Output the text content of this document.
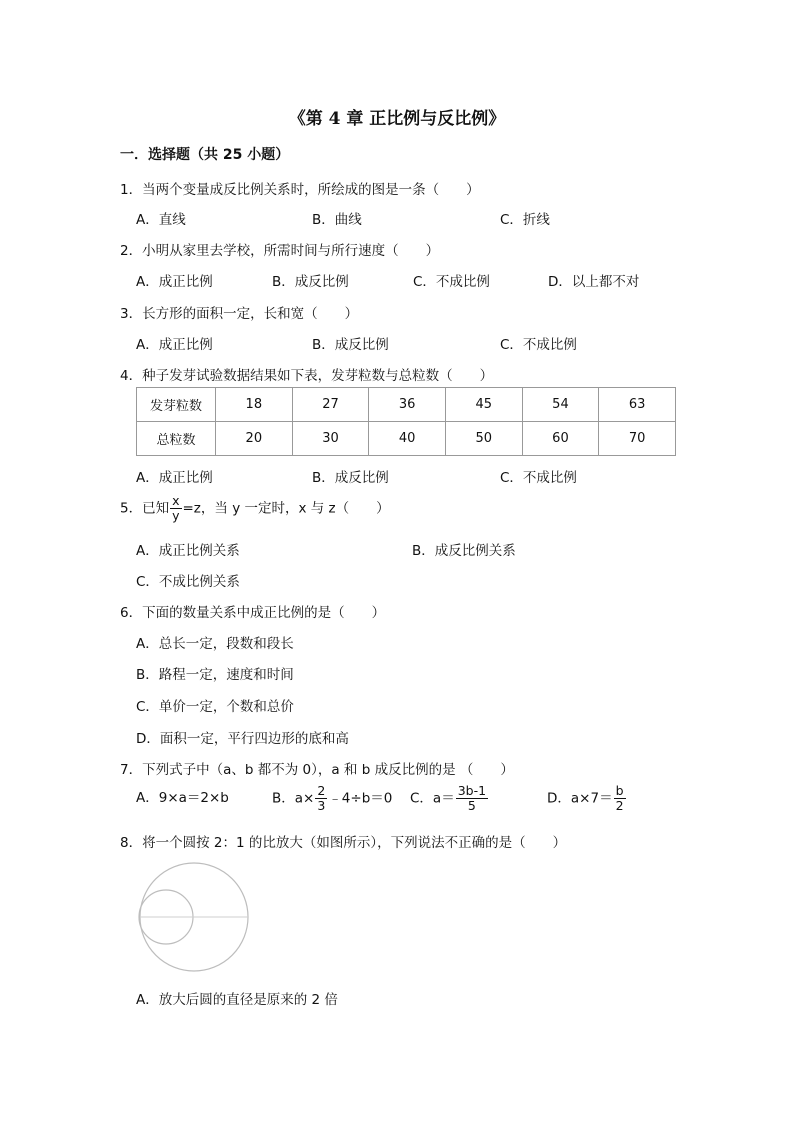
《第 4 章 正比例与反比例》
一．选择题（共 25 小题）
1．当两个变量成反比例关系时，所绘成的图是一条（　　）
A．直线	B．曲线	C．折线
2．小明从家里去学校，所需时间与所行速度（　　）
A．成正比例	B．成反比例	C．不成比例	D．以上都不对
3．长方形的面积一定，长和宽（　　）
A．成正比例	B．成反比例	C．不成比例
4．种子发芽试验数据结果如下表，发芽粒数与总粒数（　　）
发芽粒数	18	27	36	45	54	63
总粒数	20	30	40	50	60	70
A．成正比例	B．成反比例	C．不成比例
5．已知 $\frac{x}{y} =z$，当 y 一定时，x 与 z（　　）
A．成正比例关系	B．成反比例关系
C．不成比例关系
6．下面的数量关系中成正比例的是（　　）
A．总长一定，段数和段长
B．路程一定，速度和时间
C．单价一定，个数和总价
D．面积一定，平行四边形的底和高
7．下列式子中（a、b 都不为 0），a 和 b 成反比例的是 （　　）
A．9×a＝2×b	B．$a\times \frac{2}{3}$ ﹣4÷b＝0 C．$a= \frac{3b-1}{5}$	D．$a\times 7= \frac{b}{2}$
8．将一个圆按 2：1 的比放大（如图所示），下列说法不正确的是（　　）
A．放大后圆的直径是原来的 2 倍
